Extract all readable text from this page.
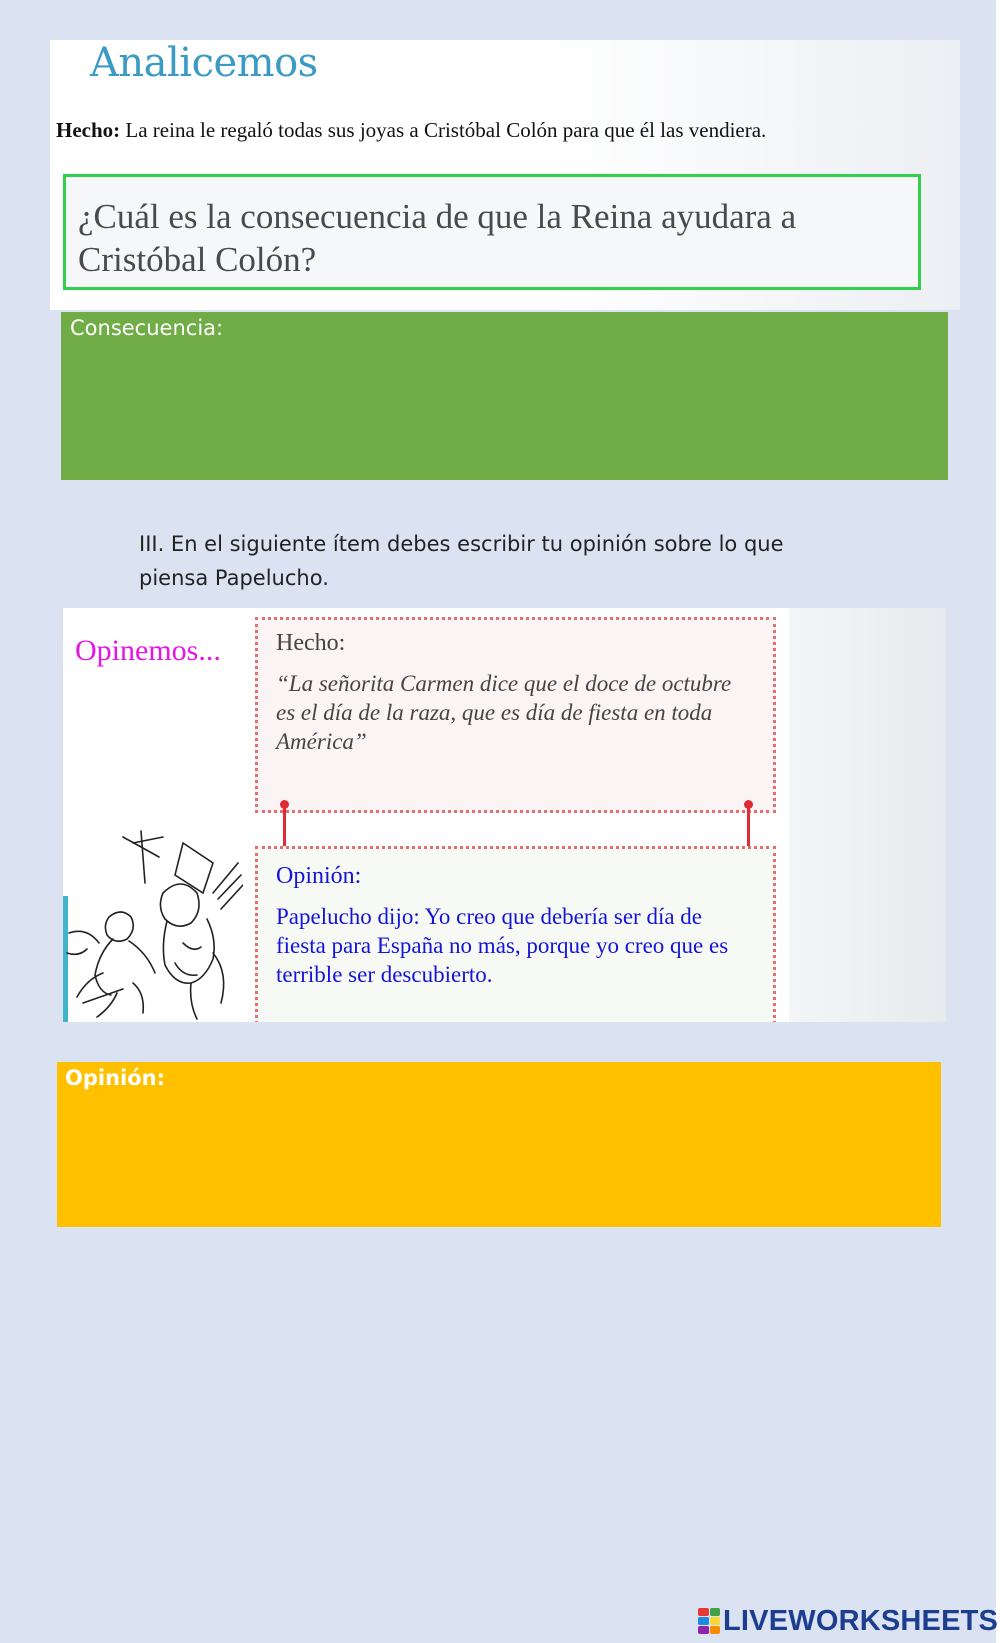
Analicemos
Hecho: La reina le regaló todas sus joyas a Cristóbal Colón para que él las vendiera.
¿Cuál es la consecuencia de que la Reina ayudara a Cristóbal Colón?
Consecuencia:
III. En el siguiente ítem debes escribir tu opinión sobre lo que piensa Papelucho.
Opinemos... Hecho:
“La señorita Carmen dice que el doce de octubre es el día de la raza, que es día de fiesta en toda América”
Opinión:
Papelucho dijo: Yo creo que debería ser día de fiesta para España no más, porque yo creo que es terrible ser descubierto.
Opinión:
LIVEWORKSHEETS
